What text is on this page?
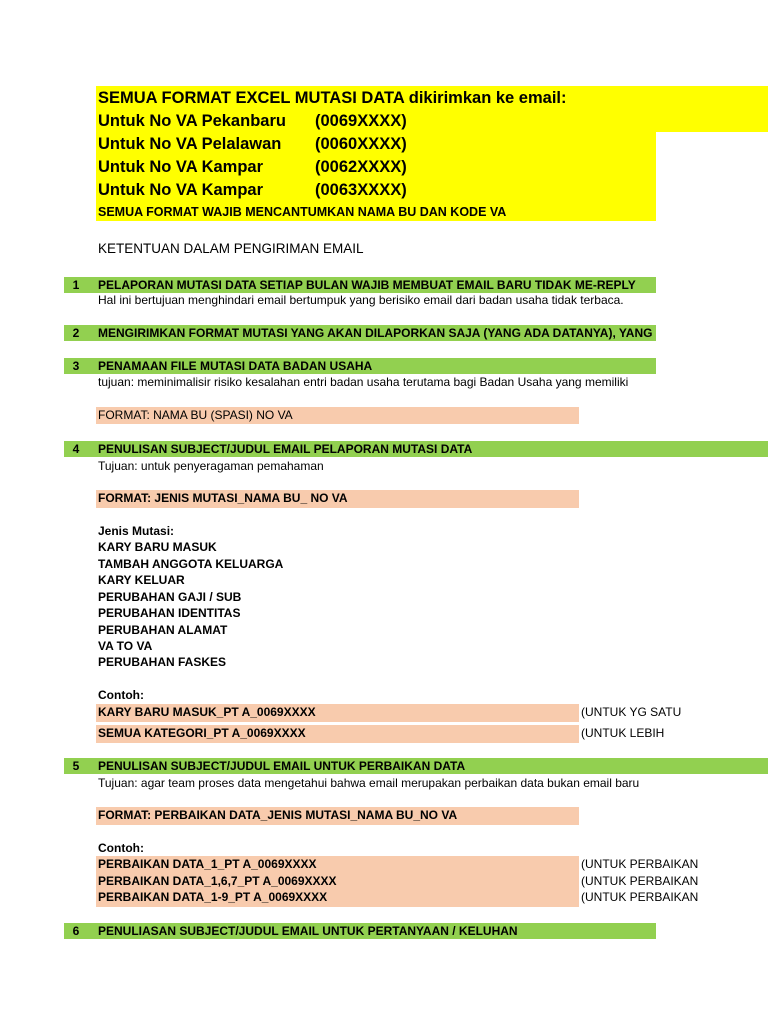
SEMUA FORMAT EXCEL MUTASI DATA dikirimkan ke email:
Untuk No VA Pekanbaru (0069XXXX)
Untuk No VA Pelalawan (0060XXXX)
Untuk No VA Kampar	(0062XXXX)
Untuk No VA Kampar	(0063XXXX)
SEMUA FORMAT WAJIB MENCANTUMKAN NAMA BU DAN KODE VA
KETENTUAN DALAM PENGIRIMAN EMAIL
1	PELAPORAN MUTASI DATA SETIAP BULAN WAJIB MEMBUAT EMAIL BARU TIDAK ME-REPLY
Hal ini bertujuan menghindari email bertumpuk yang berisiko email dari badan usaha tidak terbaca.
2	MENGIRIMKAN FORMAT MUTASI YANG AKAN DILAPORKAN SAJA (YANG ADA DATANYA), YANG
3	PENAMAAN FILE MUTASI DATA BADAN USAHA
tujuan: meminimalisir risiko kesalahan entri badan usaha terutama bagi Badan Usaha yang memiliki
FORMAT: NAMA BU (SPASI) NO VA
4	PENULISAN SUBJECT/JUDUL EMAIL PELAPORAN MUTASI DATA
Tujuan: untuk penyeragaman pemahaman
FORMAT: JENIS MUTASI_NAMA BU_ NO VA
Jenis Mutasi:
KARY BARU MASUK
TAMBAH ANGGOTA KELUARGA
KARY KELUAR
PERUBAHAN GAJI / SUB
PERUBAHAN IDENTITAS
PERUBAHAN ALAMAT
VA TO VA
PERUBAHAN FASKES
Contoh:
KARY BARU MASUK_PT A_0069XXXX	(UNTUK YG SATU
SEMUA KATEGORI_PT A_0069XXXX	(UNTUK LEBIH
5	PENULISAN SUBJECT/JUDUL EMAIL UNTUK PERBAIKAN DATA
Tujuan: agar team proses data mengetahui bahwa email merupakan perbaikan data bukan email baru
FORMAT: PERBAIKAN DATA_JENIS MUTASI_NAMA BU_NO VA
Contoh:
PERBAIKAN DATA_1_PT A_0069XXXX	(UNTUK PERBAIKAN
PERBAIKAN DATA_1,6,7_PT A_0069XXXX	(UNTUK PERBAIKAN
PERBAIKAN DATA_1-9_PT A_0069XXXX	(UNTUK PERBAIKAN
6	PENULIASAN SUBJECT/JUDUL EMAIL UNTUK PERTANYAAN / KELUHAN
